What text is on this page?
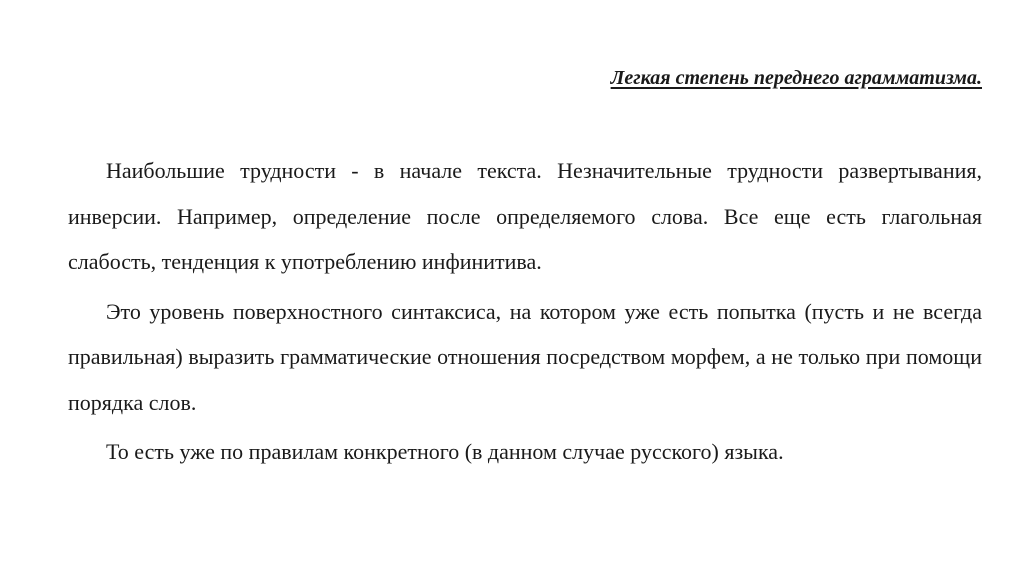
Легкая степень переднего аграмматизма.

Наибольшие трудности - в начале текста. Незначительные трудности развертывания, инверсии. Например, определение после определяемого слова. Все еще есть глагольная слабость, тенденция к употреблению инфинитива.

Это уровень поверхностного синтаксиса, на котором уже есть попытка (пусть и не всегда правильная) выразить грамматические отношения посредством морфем, а не только при помощи порядка слов.

То есть уже по правилам конкретного (в данном случае русского) языка.
